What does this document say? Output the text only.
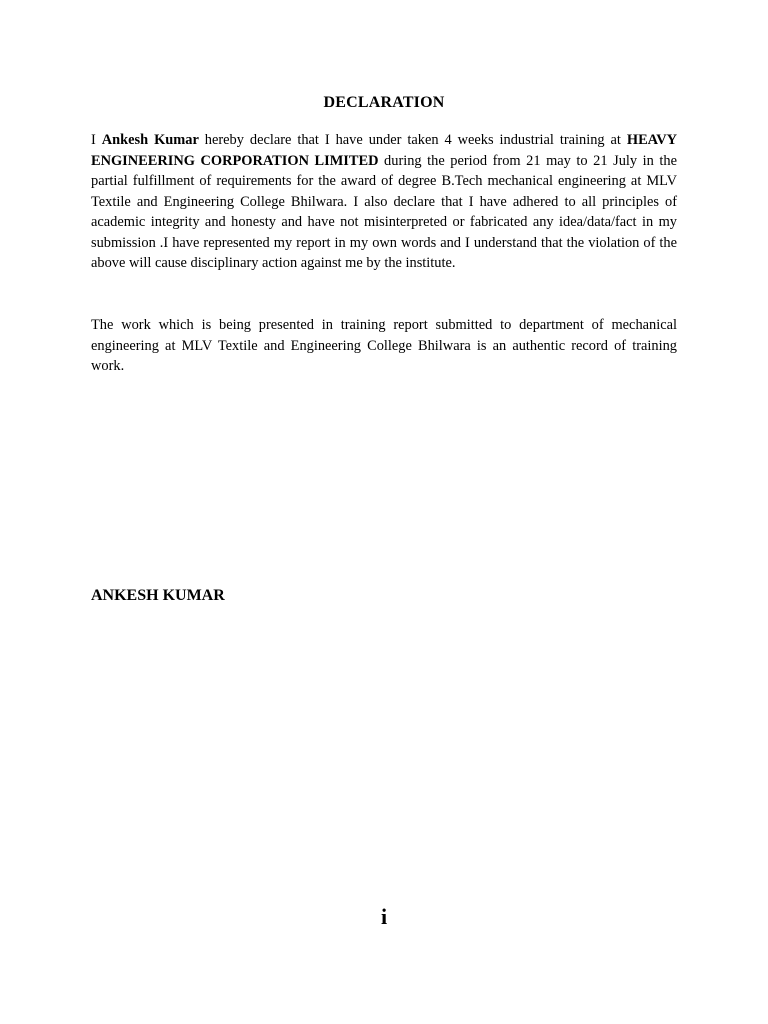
DECLARATION
I Ankesh Kumar hereby declare that I have under taken 4 weeks industrial training at HEAVY ENGINEERING CORPORATION LIMITED during the period from 21 may to 21 July in the partial fulfillment of requirements for the award of degree B.Tech mechanical engineering at MLV Textile and Engineering College Bhilwara. I also declare that I have adhered to all principles of academic integrity and honesty and have not misinterpreted or fabricated any idea/data/fact in my submission .I have represented my report in my own words and I understand that the violation of the above will cause disciplinary action against me by the institute.
The work which is being presented in training report submitted to department of mechanical engineering at MLV Textile and Engineering College Bhilwara is an authentic record of training work.
ANKESH KUMAR
i
